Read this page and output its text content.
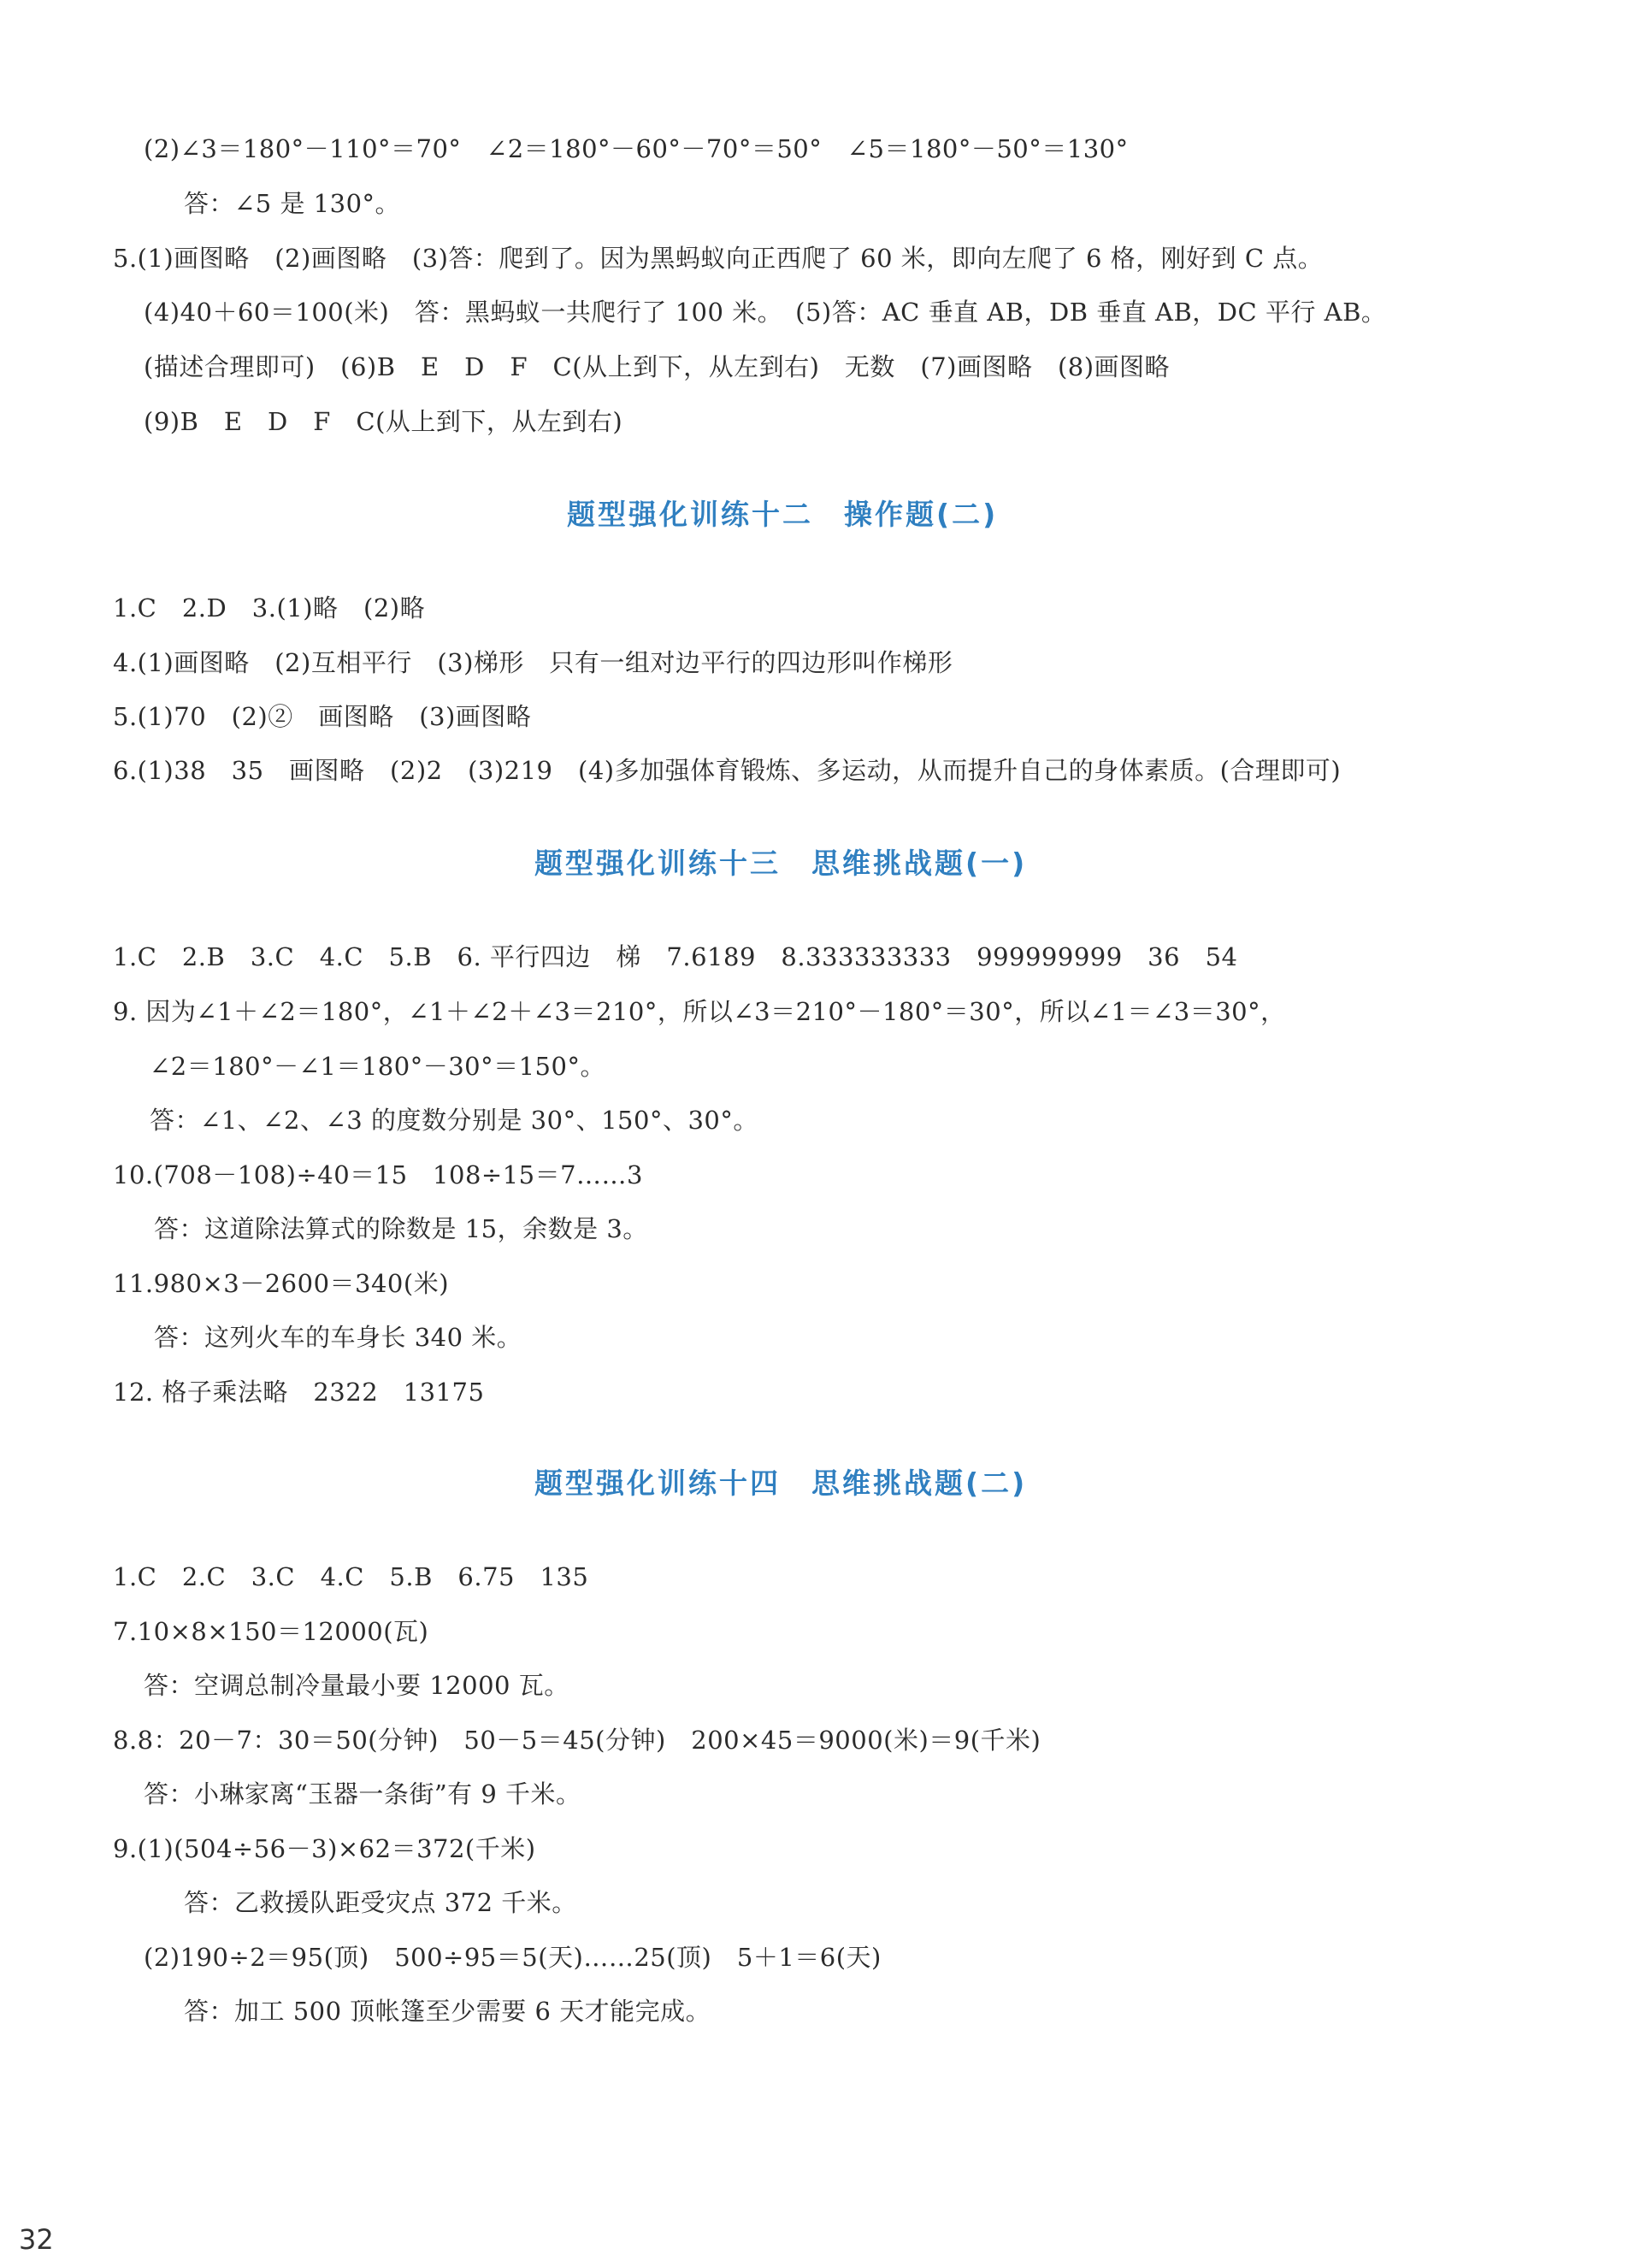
(2)∠3＝180°－110°＝70°　∠2＝180°－60°－70°＝50°　∠5＝180°－50°＝130°
答：∠5 是 130°。
5.(1)画图略　(2)画图略　(3)答：爬到了。因为黑蚂蚁向正西爬了 60 米，即向左爬了 6 格，刚好到 C 点。
(4)40＋60＝100(米)　答：黑蚂蚁一共爬行了 100 米。　(5)答：AC 垂直 AB，DB 垂直 AB，DC 平行 AB。
(描述合理即可)　(6)B　E　D　F　C(从上到下，从左到右)　无数　(7)画图略　(8)画图略
(9)B　E　D　F　C(从上到下，从左到右)
题型强化训练十二　操作题(二)
1.C　2.D　3.(1)略　(2)略
4.(1)画图略　(2)互相平行　(3)梯形　只有一组对边平行的四边形叫作梯形
5.(1)70　(2)②　画图略　(3)画图略
6.(1)38　35　画图略　(2)2　(3)219　(4)多加强体育锻炼、多运动，从而提升自己的身体素质。(合理即可)
题型强化训练十三　思维挑战题(一)
1.C　2.B　3.C　4.C　5.B　6. 平行四边　梯　7.6189　8.333333333　999999999　36　54
9. 因为∠1＋∠2＝180°，∠1＋∠2＋∠3＝210°，所以∠3＝210°－180°＝30°，所以∠1＝∠3＝30°，
∠2＝180°－∠1＝180°－30°＝150°。
答：∠1、∠2、∠3 的度数分别是 30°、150°、30°。
10.(708－108)÷40＝15　108÷15＝7……3
答：这道除法算式的除数是 15，余数是 3。
11.980×3－2600＝340(米)
答：这列火车的车身长 340 米。
12. 格子乘法略　2322　13175
题型强化训练十四　思维挑战题(二)
1.C　2.C　3.C　4.C　5.B　6.75　135
7.10×8×150＝12000(瓦)
答：空调总制冷量最小要 12000 瓦。
8.8：20－7：30＝50(分钟)　50－5＝45(分钟)　200×45＝9000(米)＝9(千米)
答：小琳家离“玉器一条街”有 9 千米。
9.(1)(504÷56－3)×62＝372(千米)
答：乙救援队距受灾点 372 千米。
(2)190÷2＝95(顶)　500÷95＝5(天)……25(顶)　5＋1＝6(天)
答：加工 500 顶帐篷至少需要 6 天才能完成。
32
